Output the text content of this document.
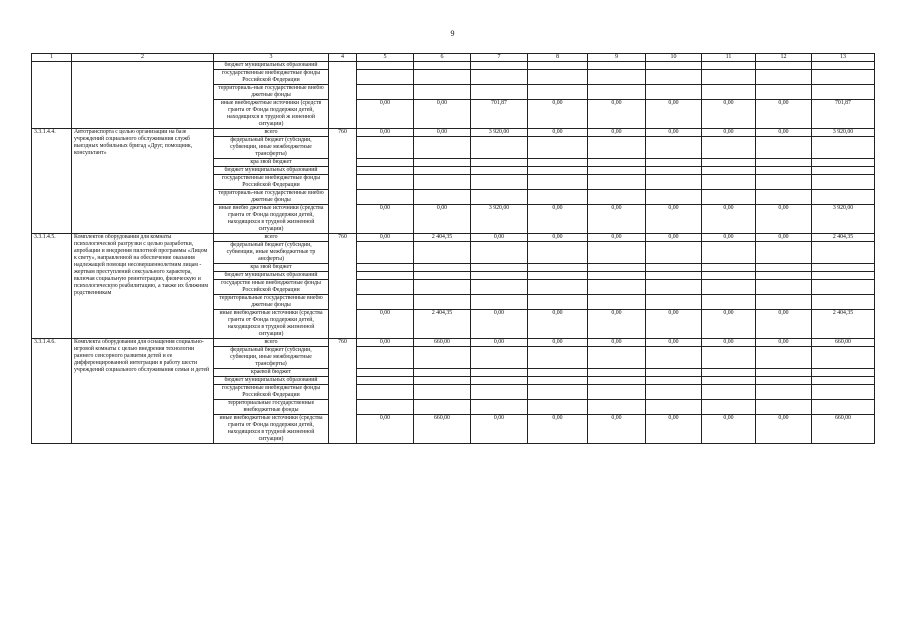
9
1	2	3	4	5	6	7	8	9	10	11	12	13
		бюджет муниципальных образований										
		государственные внебюджетные фонды Российской Федерации										
		территориаль-ные государственные внебю джетные фонды										
		иные внебюджетные источники (средств гранта от Фонда поддержки детей, находящихся в трудной ж изненной ситуации)		0,00	0,00	701,87	0,00	0,00	0,00	0,00	0,00	701,87
3.3.1.4.4.	Автотранспорта с целью организации на базе учреждений социального обслуживания служб выездных мобильных бригад «Друг, помощник, консультант»	всего	760	0,00	0,00	3 920,00	0,00	0,00	0,00	0,00	0,00	3 920,00
		федеральный бюджет (субсидии, субвенции, иные межбюджетные трансферты)										
		кра звой бюджет										
		бюджет муниципальных образований										
		государственные внебюджетные фонды Российской Федерации										
		территориаль-ные государственные внебю джетные фонды										
		иные внебю джетные источники (средства гранта от Фонда поддержки детей, находящихся в трудной жизненной ситуации)		0,00	0,00	3 920,00	0,00	0,00	0,00	0,00	0,00	3 920,00
3.3.1.4.5.	Комплектов оборудования для комнаты психологической разгрузки с целью разработки, апробации и внедрения пилотной программы «Лицом к свету», направленной на обеспечение оказания надлежащей помощи несовершеннолетним лицам - жертвам преступлений сексуального характера, включая социальную реинтеграцию, физическую и психологическую реабилитацию, а также их ближним родственникам	всего	760	0,00	2 404,35	0,00	0,00	0,00	0,00	0,00	0,00	2 404,35
		федеральный бюджет (субсидии, субвенции, иные межбюджетные тр ансферты)										
		кра звой бюджет										
		бюджет муниципальных образований										
		государстве нные внебюджетные фонды Российской Федерации										
		территориальные государственные внебю джетные фонды										
		иные внебюджетные источники (средства гранта от Фонда поддержки детей, находящихся в трудной жизненной ситуации)		0,00	2 404,35	0,00	0,00	0,00	0,00	0,00	0,00	2 404,35
3.3.1.4.6.	Комплекта оборудования для оснащения социально-игровой комнаты с целью внедрения технологии раннего сенсорного развития детей и ее дифференцированной интеграции в работу шести учреждений социального обслуживания семьи и детей	всего	760	0,00	660,00	0,00	0,00	0,00	0,00	0,00	0,00	660,00
		федеральный бюджет (субсидии, субвенции, иные межбюджетные трансферты)										
		краевой бюджет										
		бюджет муниципальных образований										
		государственные внебюджетные фонды Российской Федерации										
		территориальные государственные внебюджетные фонды										
		иные внебюджетные источники (средства гранта от Фонда поддержки детей, находящихся в трудной жизненной ситуации)		0,00	660,00	0,00	0,00	0,00	0,00	0,00	0,00	660,00
